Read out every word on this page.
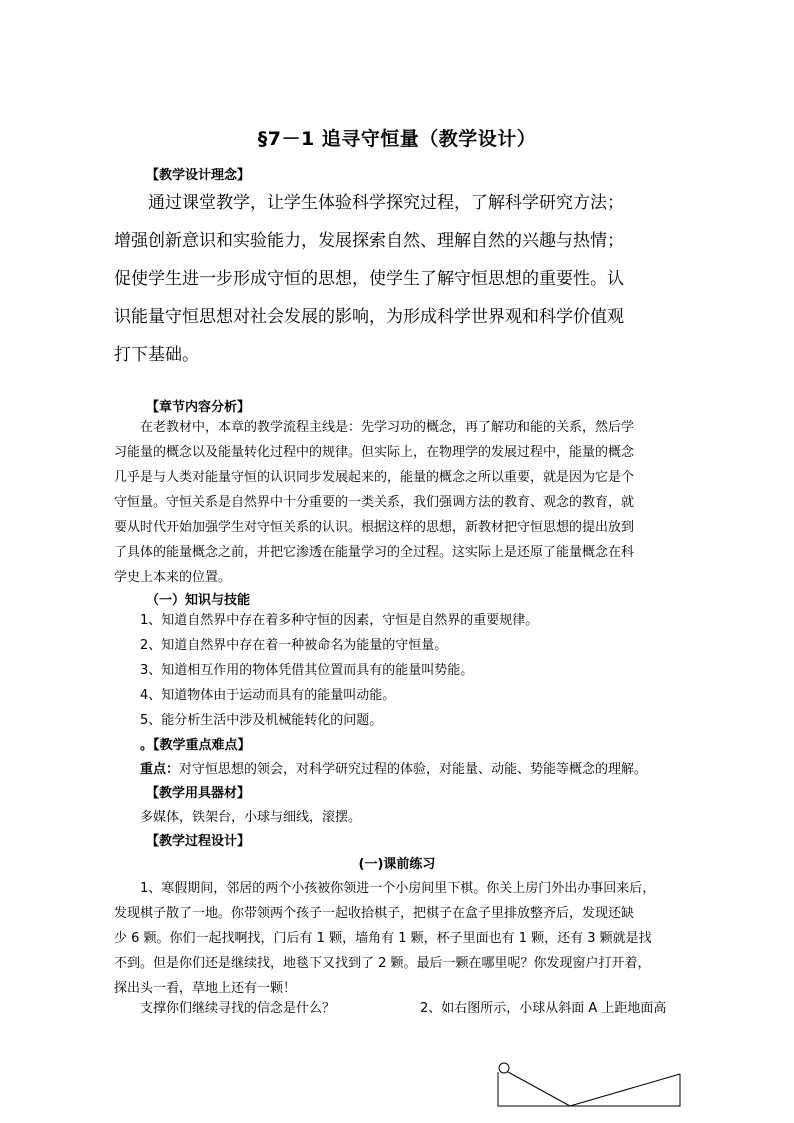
§7－1 追寻守恒量（教学设计）
【教学设计理念】

　　通过课堂教学，让学生体验科学探究过程，了解科学研究方法；

增强创新意识和实验能力，发展探索自然、理解自然的兴趣与热情；

促使学生进一步形成守恒的思想，使学生了解守恒思想的重要性。认

识能量守恒思想对社会发展的影响，为形成科学世界观和科学价值观

打下基础。

【章节内容分析】

　　在老教材中，本章的教学流程主线是：先学习功的概念，再了解功和能的关系，然后学

习能量的概念以及能量转化过程中的规律。但实际上，在物理学的发展过程中，能量的概念

几乎是与人类对能量守恒的认识同步发展起来的，能量的概念之所以重要，就是因为它是个

守恒量。守恒关系是自然界中十分重要的一类关系，我们强调方法的教育、观念的教育，就

要从时代开始加强学生对守恒关系的认识。根据这样的思想，新教材把守恒思想的提出放到

了具体的能量概念之前，并把它渗透在能量学习的全过程。这实际上是还原了能量概念在科

学史上本来的位置。

（一）知识与技能

1、知道自然界中存在着多种守恒的因素，守恒是自然界的重要规律。

2、知道自然界中存在着一种被命名为能量的守恒量。

3、知道相互作用的物体凭借其位置而具有的能量叫势能。

4、知道物体由于运动而具有的能量叫动能。

5、能分析生活中涉及机械能转化的问题。

。【教学重点难点】
重点：对守恒思想的领会，对科学研究过程的体验，对能量、动能、势能等概念的理解。
【教学用具器材】
多媒体，铁架台，小球与细线，滚摆。
【教学过程设计】
(一)课前练习

　　1、寒假期间，邻居的两个小孩被你领进一个小房间里下棋。你关上房门外出办事回来后，

发现棋子散了一地。你带领两个孩子一起收拾棋子，把棋子在盒子里排放整齐后，发现还缺

少 6 颗。你们一起找啊找，门后有 1 颗，墙角有 1 颗，杯子里面也有 1 颗，还有 3 颗就是找

不到。但是你们还是继续找，地毯下又找到了 2 颗。最后一颗在哪里呢？你发现窗户打开着，

探出头一看，草地上还有一颗！

　　支撑你们继续寻找的信念是什么？	2、如右图所示，小球从斜面 A 上距地面高
